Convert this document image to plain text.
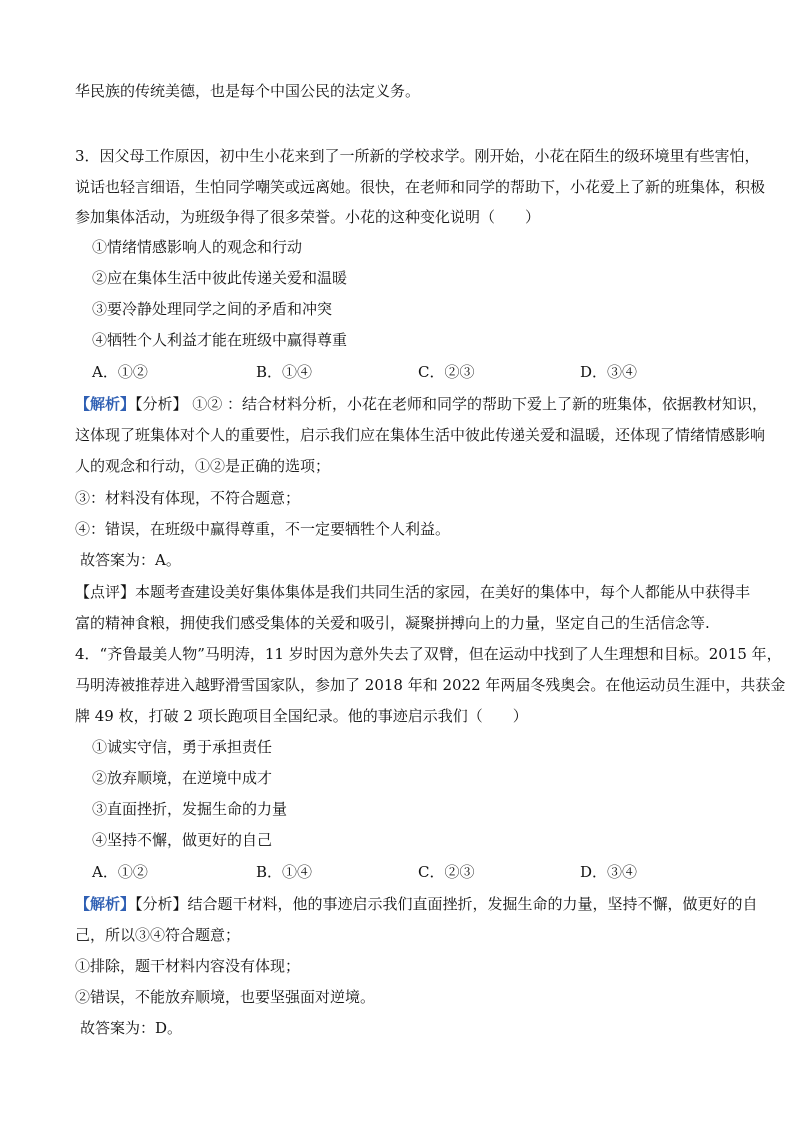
华民族的传统美德，也是每个中国公民的法定义务。
3．因父母工作原因，初中生小花来到了一所新的学校求学。刚开始，小花在陌生的级环境里有些害怕，
说话也轻言细语，生怕同学嘲笑或远离她。很快，在老师和同学的帮助下，小花爱上了新的班集体，积极
参加集体活动，为班级争得了很多荣誉。小花的这种变化说明（　　）
①情绪情感影响人的观念和行动
②应在集体生活中彼此传递关爱和温暖
③要冷静处理同学之间的矛盾和冲突
④牺牲个人利益才能在班级中赢得尊重
A．①②	B．①④	C．②③	D．③④
【解析】【分析】 ①② ：结合材料分析，小花在老师和同学的帮助下爱上了新的班集体，依据教材知识，
这体现了班集体对个人的重要性，启示我们应在集体生活中彼此传递关爱和温暖，还体现了情绪情感影响
人的观念和行动，①②是正确的选项；
③：材料没有体现，不符合题意；
④：错误，在班级中赢得尊重，不一定要牺牲个人利益。
故答案为：A。
【点评】本题考查建设美好集体集体是我们共同生活的家园，在美好的集体中，每个人都能从中获得丰
富的精神食粮，拥使我们感受集体的关爱和吸引，凝聚拼搏向上的力量，坚定自己的生活信念等.
4．“齐鲁最美人物”马明涛，11 岁时因为意外失去了双臂，但在运动中找到了人生理想和目标。2015 年，
马明涛被推荐进入越野滑雪国家队，参加了 2018 年和 2022 年两届冬残奥会。在他运动员生涯中，共获金
牌 49 枚，打破 2 项长跑项目全国纪录。他的事迹启示我们（　　）
①诚实守信，勇于承担责任
②放弃顺境，在逆境中成才
③直面挫折，发掘生命的力量
④坚持不懈，做更好的自己
A．①②	B．①④	C．②③	D．③④
【解析】【分析】结合题干材料，他的事迹启示我们直面挫折，发掘生命的力量，坚持不懈，做更好的自
己，所以③④符合题意；
①排除，题干材料内容没有体现；
②错误，不能放弃顺境，也要坚强面对逆境。
故答案为：D。
